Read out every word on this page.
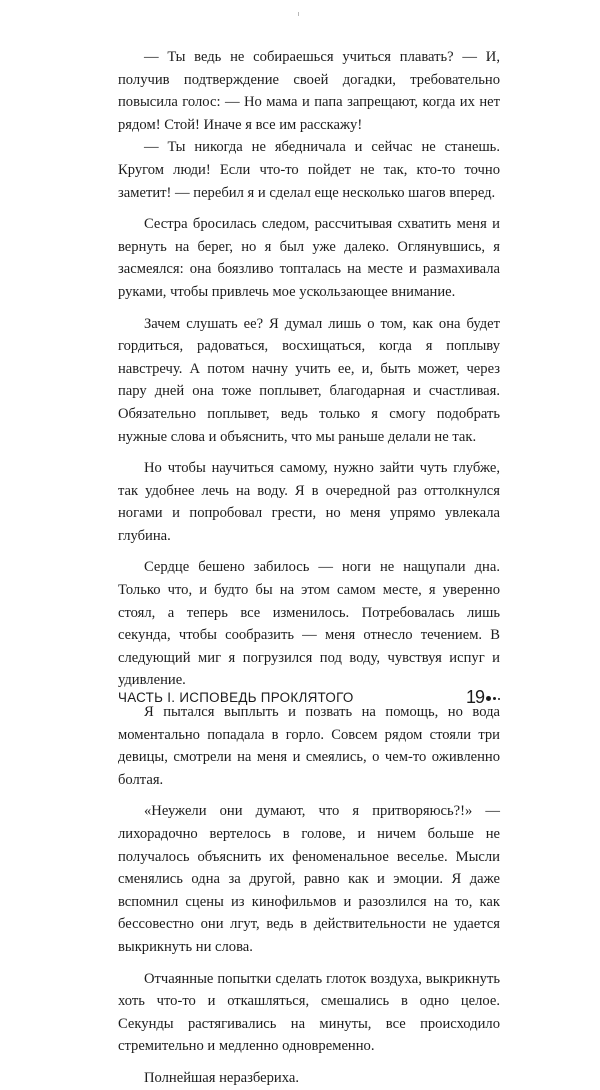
— Ты ведь не собираешься учиться плавать? — И, получив подтверждение своей догадки, требовательно повысила голос: — Но мама и папа запрещают, когда их нет рядом! Стой! Иначе я все им расскажу!

— Ты никогда не ябедничала и сейчас не станешь. Кругом люди! Если что-то пойдет не так, кто-то точно заметит! — перебил я и сделал еще несколько шагов вперед.

Сестра бросилась следом, рассчитывая схватить меня и вернуть на берег, но я был уже далеко. Оглянувшись, я засмеялся: она боязливо топталась на месте и размахивала руками, чтобы привлечь мое ускользающее внимание.

Зачем слушать ее? Я думал лишь о том, как она будет гордиться, радоваться, восхищаться, когда я поплыву навстречу. А потом начну учить ее, и, быть может, через пару дней она тоже поплывет, благодарная и счастливая. Обязательно поплывет, ведь только я смогу подобрать нужные слова и объяснить, что мы раньше делали не так.

Но чтобы научиться самому, нужно зайти чуть глубже, так удобнее лечь на воду. Я в очередной раз оттолкнулся ногами и попробовал грести, но меня упрямо увлекала глубина.

Сердце бешено забилось — ноги не нащупали дна. Только что, и будто бы на этом самом месте, я уверенно стоял, а теперь все изменилось. Потребовалась лишь секунда, чтобы сообразить — меня отнесло течением. В следующий миг я погрузился под воду, чувствуя испуг и удивление.

Я пытался выплыть и позвать на помощь, но вода моментально попадала в горло. Совсем рядом стояли три девицы, смотрели на меня и смеялись, о чем-то оживленно болтая.

«Неужели они думают, что я притворяюсь?!» — лихорадочно вертелось в голове, и ничем больше не получалось объяснить их феноменальное веселье. Мысли сменялись одна за другой, равно как и эмоции. Я даже вспомнил сцены из кинофильмов и разозлился на то, как бессовестно они лгут, ведь в действительности не удается выкрикнуть ни слова.

Отчаянные попытки сделать глоток воздуха, выкрикнуть хоть что-то и откашляться, смешались в одно целое. Секунды растягивались на минуты, все происходило стремительно и медленно одновременно.

Полнейшая неразбериха.

ЧАСТЬ I. ИСПОВЕДЬ ПРОКЛЯТОГО	19
